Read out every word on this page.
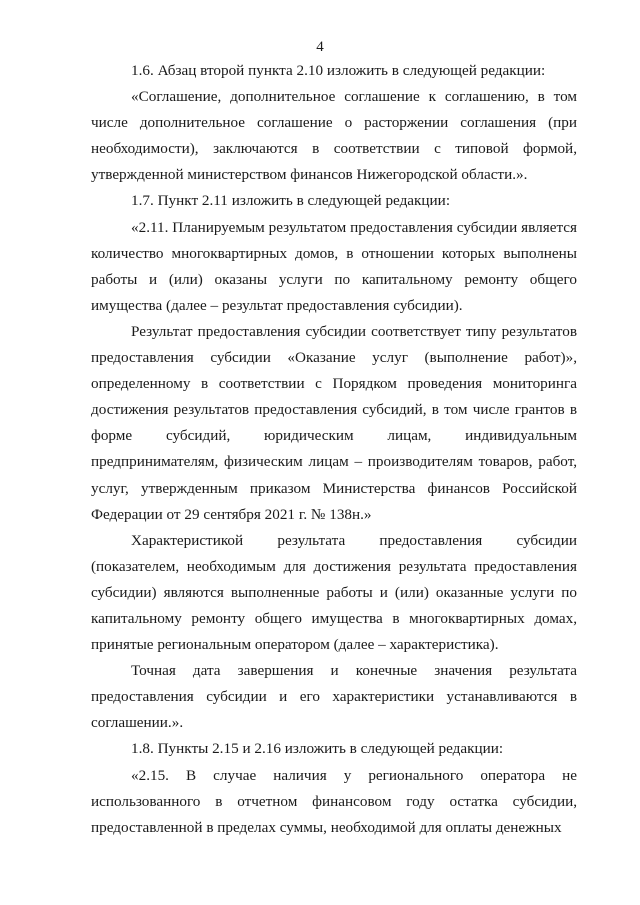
4

1.6. Абзац второй пункта 2.10 изложить в следующей редакции:

«Соглашение, дополнительное соглашение к соглашению, в том числе дополнительное соглашение о расторжении соглашения (при необходимости), заключаются в соответствии с типовой формой, утвержденной министерством финансов Нижегородской области.».

1.7. Пункт 2.11 изложить в следующей редакции:

«2.11. Планируемым результатом предоставления субсидии является количество многоквартирных домов, в отношении которых выполнены работы и (или) оказаны услуги по капитальному ремонту общего имущества (далее – результат предоставления субсидии).

Результат предоставления субсидии соответствует типу результатов предоставления субсидии «Оказание услуг (выполнение работ)», определенному в соответствии с Порядком проведения мониторинга достижения результатов предоставления субсидий, в том числе грантов в форме субсидий, юридическим лицам, индивидуальным предпринимателям, физическим лицам – производителям товаров, работ, услуг, утвержденным приказом Министерства финансов Российской Федерации от 29 сентября 2021 г. № 138н.»

Характеристикой результата предоставления субсидии (показателем, необходимым для достижения результата предоставления субсидии) являются выполненные работы и (или) оказанные услуги по капитальному ремонту общего имущества в многоквартирных домах, принятые региональным оператором (далее – характеристика).

Точная дата завершения и конечные значения результата предоставления субсидии и его характеристики устанавливаются в соглашении.».

1.8. Пункты 2.15 и 2.16 изложить в следующей редакции:

«2.15. В случае наличия у регионального оператора не использованного в отчетном финансовом году остатка субсидии, предоставленной в пределах суммы, необходимой для оплаты денежных
